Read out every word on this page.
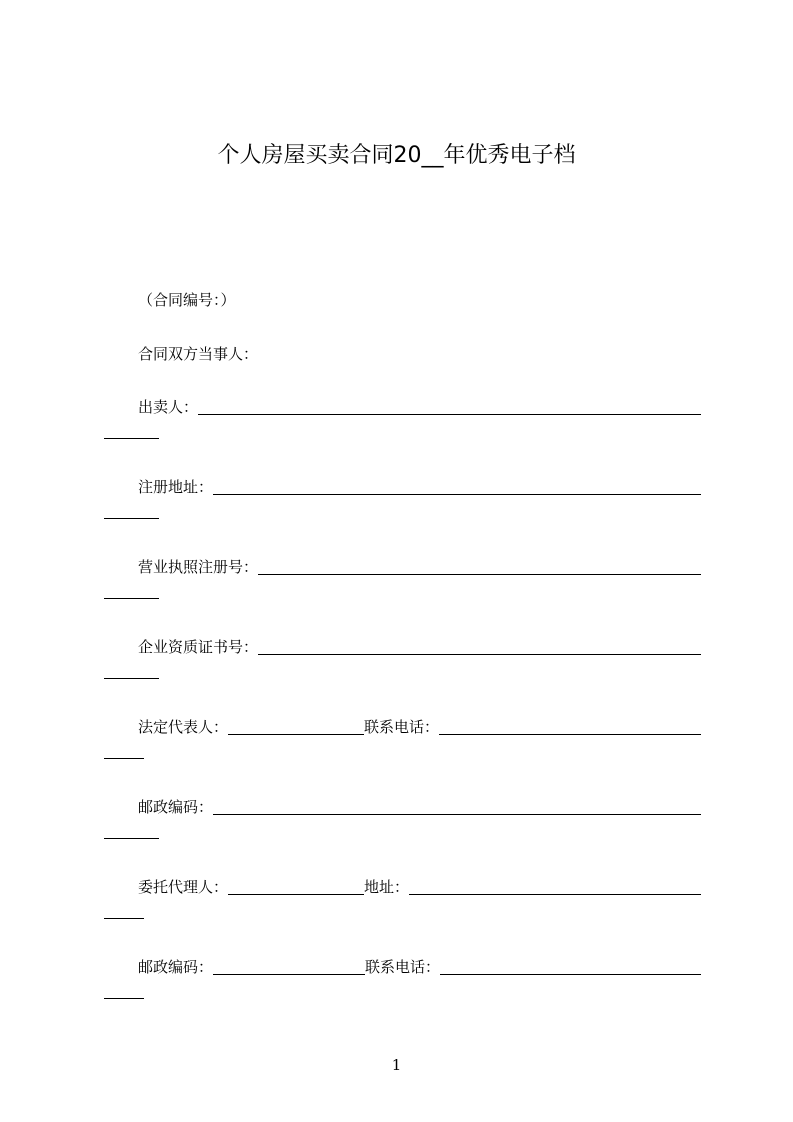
个人房屋买卖合同20__年优秀电子档
（合同编号：）
合同双方当事人：
出卖人：
注册地址：
营业执照注册号：
企业资质证书号：
法定代表人：	联系电话：
邮政编码：
委托代理人：	地址：
邮政编码：	联系电话：
1
